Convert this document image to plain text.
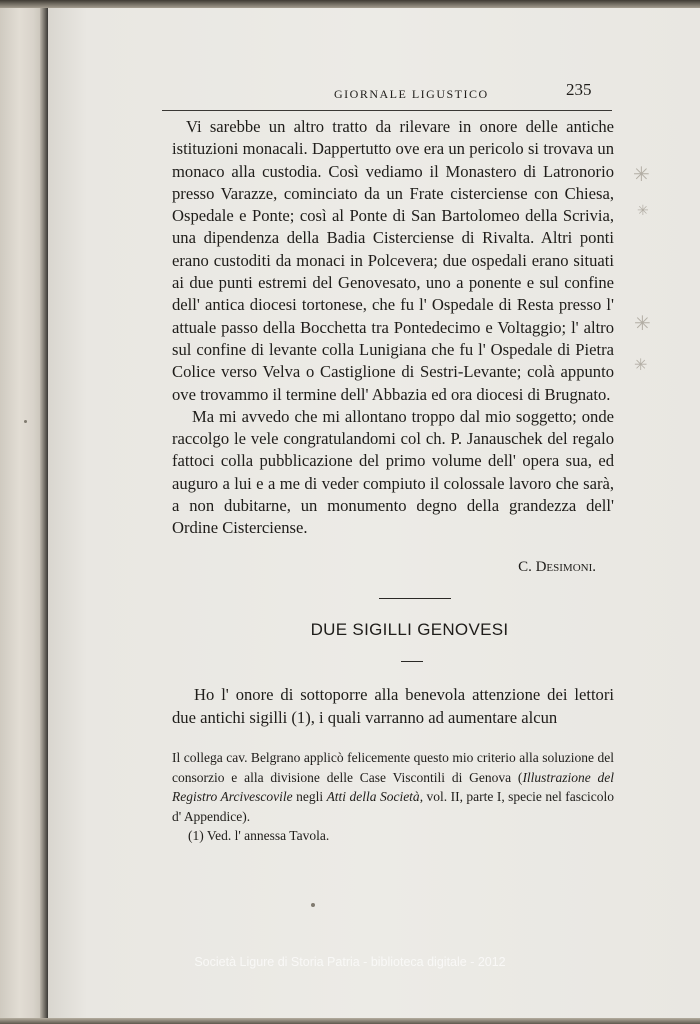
GIORNALE LIGUSTICO	235

Vi sarebbe un altro tratto da rilevare in onore delle antiche istituzioni monacali. Dappertutto ove era un pericolo si trovava un monaco alla custodia. Così vediamo il Monastero di Latronorio presso Varazze, cominciato da un Frate cisterciense con Chiesa, Ospedale e Ponte; così al Ponte di San Bartolomeo della Scrivia, una dipendenza della Badia Cisterciense di Rivalta. Altri ponti erano custoditi da monaci in Polcevera; due ospedali erano situati ai due punti estremi del Genovesato, uno a ponente e sul confine dell' antica diocesi tortonese, che fu l' Ospedale di Resta presso l' attuale passo della Bocchetta tra Pontedecimo e Voltaggio; l' altro sul confine di levante colla Lunigiana che fu l' Ospedale di Pietra Colice verso Velva o Castiglione di Sestri-Levante; colà appunto ove trovammo il termine dell' Abbazia ed ora diocesi di Brugnato.

Ma mi avvedo che mi allontano troppo dal mio soggetto; onde raccolgo le vele congratulandomi col ch. P. Janauschek del regalo fattoci colla pubblicazione del primo volume dell' opera sua, ed auguro a lui e a me di veder compiuto il colossale lavoro che sarà, a non dubitarne, un monumento degno della grandezza dell' Ordine Cisterciense.

C. Desimoni.
DUE SIGILLI GENOVESI

Ho l' onore di sottoporre alla benevola attenzione dei lettori due antichi sigilli (1), i quali varranno ad aumentare alcun

Il collega cav. Belgrano applicò felicemente questo mio criterio alla soluzione del consorzio e alla divisione delle Case Viscontili di Genova (Illustrazione del Registro Arcivescovile negli Atti della Società, vol. II, parte I, specie nel fascicolo d' Appendice).

(1) Ved. l' annessa Tavola.

✳
✳
✳
✳
Società Ligure di Storia Patria - biblioteca digitale - 2012
